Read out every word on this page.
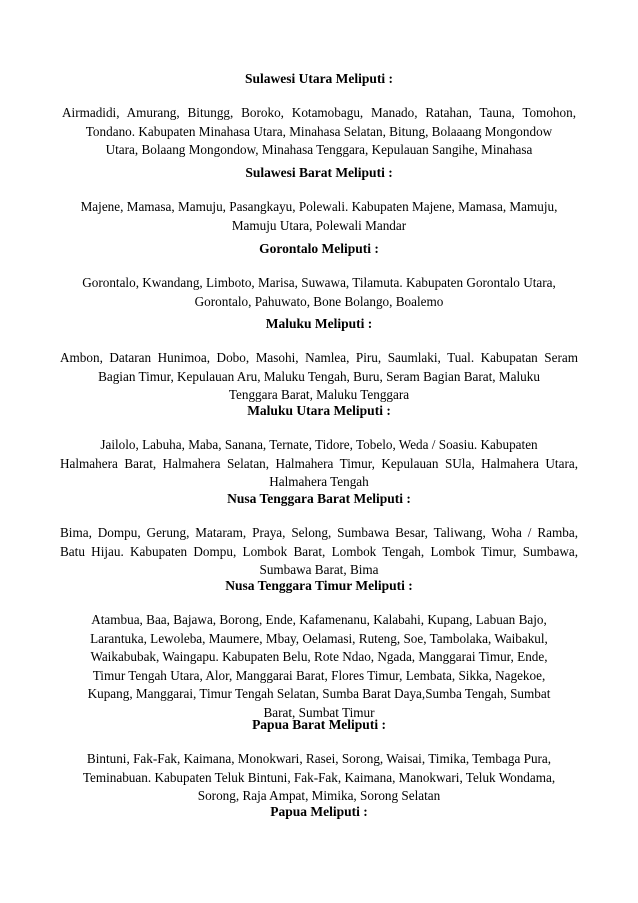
Sulawesi Utara Meliputi :

Airmadidi, Amurang, Bitungg, Boroko, Kotamobagu, Manado, Ratahan, Tauna, Tomohon,
Tondano. Kabupaten Minahasa Utara, Minahasa Selatan, Bitung, Bolaaang Mongondow
Utara, Bolaang Mongondow, Minahasa Tenggara, Kepulauan Sangihe, Minahasa

Sulawesi Barat Meliputi :

Majene, Mamasa, Mamuju, Pasangkayu, Polewali. Kabupaten Majene, Mamasa, Mamuju,
Mamuju Utara, Polewali Mandar

Gorontalo Meliputi :

Gorontalo, Kwandang, Limboto, Marisa, Suwawa, Tilamuta. Kabupaten Gorontalo Utara,
Gorontalo, Pahuwato, Bone Bolango, Boalemo

Maluku Meliputi :

Ambon, Dataran Hunimoa, Dobo, Masohi, Namlea, Piru, Saumlaki, Tual. Kabupatan Seram
Bagian Timur, Kepulauan Aru, Maluku Tengah, Buru, Seram Bagian Barat, Maluku
Tenggara Barat, Maluku Tenggara

Maluku Utara Meliputi :

Jailolo, Labuha, Maba, Sanana, Ternate, Tidore, Tobelo, Weda / Soasiu. Kabupaten
Halmahera Barat, Halmahera Selatan, Halmahera Timur, Kepulauan SUla, Halmahera Utara,
Halmahera Tengah

Nusa Tenggara Barat Meliputi :

Bima, Dompu, Gerung, Mataram, Praya, Selong, Sumbawa Besar, Taliwang, Woha / Ramba,
Batu Hijau. Kabupaten Dompu, Lombok Barat, Lombok Tengah, Lombok Timur, Sumbawa,
Sumbawa Barat, Bima

Nusa Tenggara Timur Meliputi :

Atambua, Baa, Bajawa, Borong, Ende, Kafamenanu, Kalabahi, Kupang, Labuan Bajo,
Larantuka, Lewoleba, Maumere, Mbay, Oelamasi, Ruteng, Soe, Tambolaka, Waibakul,
Waikabubak, Waingapu. Kabupaten Belu, Rote Ndao, Ngada, Manggarai Timur, Ende,
Timur Tengah Utara, Alor, Manggarai Barat, Flores Timur, Lembata, Sikka, Nagekoe,
Kupang, Manggarai, Timur Tengah Selatan, Sumba Barat Daya,Sumba Tengah, Sumbat
Barat, Sumbat Timur

Papua Barat Meliputi :

Bintuni, Fak-Fak, Kaimana, Monokwari, Rasei, Sorong, Waisai, Timika, Tembaga Pura,
Teminabuan. Kabupaten Teluk Bintuni, Fak-Fak, Kaimana, Manokwari, Teluk Wondama,
Sorong, Raja Ampat, Mimika, Sorong Selatan

Papua Meliputi :
